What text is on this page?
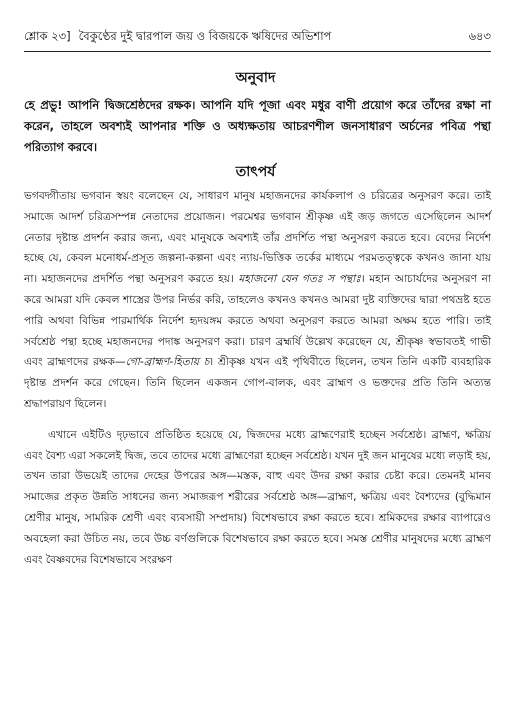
শ্লোক ২৩] বৈকুণ্ঠের দুই দ্বারপাল জয় ও বিজয়কে ঋষিদের অভিশাপ	৬৪৩
অনুবাদ

হে প্রভু! আপনি দ্বিজশ্রেষ্ঠদের রক্ষক। আপনি যদি পূজা এবং মধুর বাণী প্রয়োগ করে তাঁদের রক্ষা না করেন, তাহলে অবশ্যই আপনার শক্তি ও অধ্যক্ষতায় আচরণশীল জনসাধারণ অর্চনের পবিত্র পন্থা পরিত্যাগ করবে।

তাৎপর্য

ভগবদ্গীতায় ভগবান স্বয়ং বলেছেন যে, সাধারণ মানুষ মহাজনদের কার্যকলাপ ও চরিত্রের অনুসরণ করে। তাই সমাজে আদর্শ চরিত্রসম্পন্ন নেতাদের প্রয়োজন। পরমেশ্বর ভগবান শ্রীকৃষ্ণ এই জড় জগতে এসেছিলেন আদর্শ নেতার দৃষ্টান্ত প্রদর্শন করার জন্য, এবং মানুষকে অবশ্যই তাঁর প্রদর্শিত পন্থা অনুসরণ করতে হবে। বেদের নির্দেশ হচ্ছে যে, কেবল মনোধর্ম-প্রসূত জল্পনা-কল্পনা এবং ন্যায়-ভিত্তিক তর্কের মাধ্যমে পরমতত্ত্বকে কখনও জানা যায় না। মহাজনদের প্রদর্শিত পন্থা অনুসরণ করতে হয়। মহাজনো যেন গতঃ স পন্থাঃ। মহান আচার্যদের অনুসরণ না করে আমরা যদি কেবল শাস্ত্রের উপর নির্ভর করি, তাহলেও কখনও কখনও আমরা দুষ্ট ব্যক্তিদের দ্বারা পথভ্রষ্ট হতে পারি অথবা বিভিন্ন পারমার্থিক নির্দেশ হৃদয়ঙ্গম করতে অথবা অনুসরণ করতে আমরা অক্ষম হতে পারি। তাই সর্বশ্রেষ্ঠ পন্থা হচ্ছে মহাজনদের পদাঙ্ক অনুসরণ করা। চারণ ব্রহ্মর্ষি উল্লেখ করেছেন যে, শ্রীকৃষ্ণ স্বভাবতই গাভী এবং ব্রাহ্মণদের রক্ষক—গো-ব্রাহ্মণ-হিতায় চ। শ্রীকৃষ্ণ যখন এই পৃথিবীতে ছিলেন, তখন তিনি একটি ব্যবহারিক দৃষ্টান্ত প্রদর্শন করে গেছেন। তিনি ছিলেন একজন গোপ-বালক, এবং ব্রাহ্মণ ও ভক্তদের প্রতি তিনি অত্যন্ত শ্রদ্ধাপরায়ণ ছিলেন।

এখানে এইটিও দৃঢ়ভাবে প্রতিষ্ঠিত হয়েছে যে, দ্বিজদের মধ্যে ব্রাহ্মণেরাই হচ্ছেন সর্বশ্রেষ্ঠ। ব্রাহ্মণ, ক্ষত্রিয় এবং বৈশ্য এরা সকলেই দ্বিজ, তবে তাদের মধ্যে ব্রাহ্মণেরা হচ্ছেন সর্বশ্রেষ্ঠ। যখন দুই জন মানুষের মধ্যে লড়াই হয়, তখন তারা উভয়েই তাদের দেহের উপরের অঙ্গ—মস্তক, বাহু এবং উদর রক্ষা করার চেষ্টা করে। তেমনই মানব সমাজের প্রকৃত উন্নতি সাধনের জন্য সমাজরূপ শরীরের সর্বশ্রেষ্ঠ অঙ্গ—ব্রাহ্মণ, ক্ষত্রিয় এবং বৈশ্যদের (বুদ্ধিমান শ্রেণীর মানুষ, সামরিক শ্রেণী এবং ব্যবসায়ী সম্প্রদায়) বিশেষভাবে রক্ষা করতে হবে। শ্রমিকদের রক্ষার ব্যাপারেও অবহেলা করা উচিত নয়, তবে উচ্চ বর্ণগুলিকে বিশেষভাবে রক্ষা করতে হবে। সমস্ত শ্রেণীর মানুষদের মধ্যে ব্রাহ্মণ এবং বৈষ্ণবদের বিশেষভাবে সংরক্ষণ
